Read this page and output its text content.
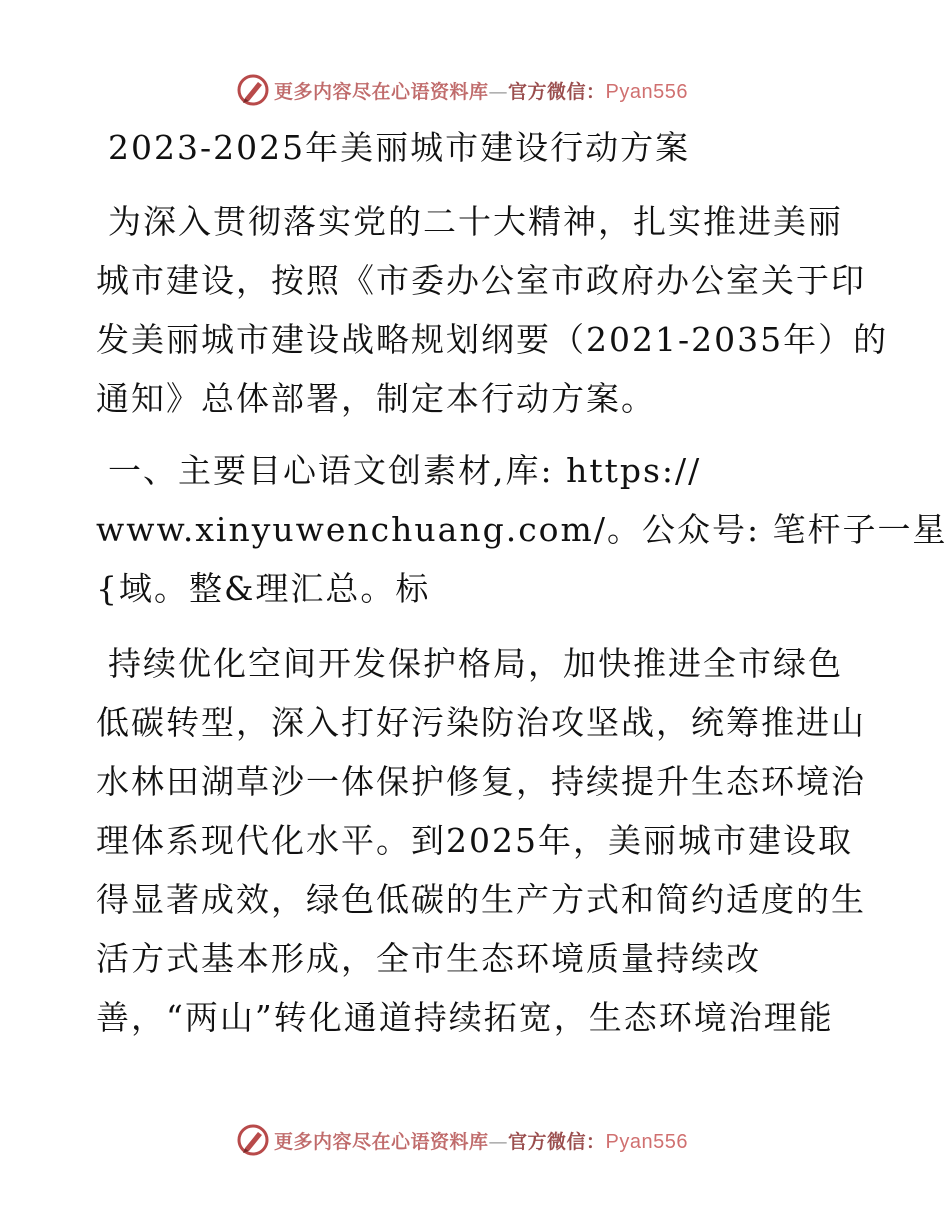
更多内容尽在心语资料库—官方微信：Pyan556
2023-2025年美丽城市建设行动方案
为深入贯彻落实党的二十大精神，扎实推进美丽
城市建设，按照《市委办公室市政府办公室关于印
发美丽城市建设战略规划纲要（2021-2035年）的
通知》总体部署，制定本行动方案。
一、主要目心语文创素材,库: https://
www.xinyuwenchuang.com/。公众号: 笔杆子一星
{域。整&理汇总。标
持续优化空间开发保护格局，加快推进全市绿色
低碳转型，深入打好污染防治攻坚战，统筹推进山
水林田湖草沙一体保护修复，持续提升生态环境治
理体系现代化水平。到2025年，美丽城市建设取
得显著成效，绿色低碳的生产方式和简约适度的生
活方式基本形成，全市生态环境质量持续改
善，“两山”转化通道持续拓宽，生态环境治理能
更多内容尽在心语资料库—官方微信：Pyan556
